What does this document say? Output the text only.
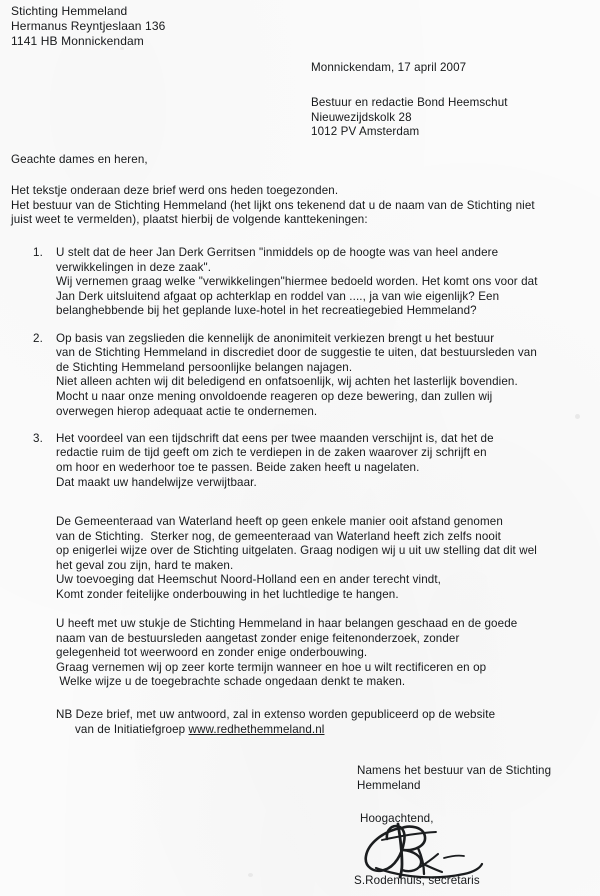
Stichting Hemmeland
Hermanus Reyntjeslaan 136
1141 HB Monnickendam
Monnickendam, 17 april 2007
Bestuur en redactie Bond Heemschut
Nieuwezijdskolk 28
1012 PV Amsterdam
Geachte dames en heren,
Het tekstje onderaan deze brief werd ons heden toegezonden.
Het bestuur van de Stichting Hemmeland (het lijkt ons tekenend dat u de naam van de Stichting niet
juist weet te vermelden), plaatst hierbij de volgende kanttekeningen:
1.	U stelt dat de heer Jan Derk Gerritsen "inmiddels op de hoogte was van heel andere
verwikkelingen in deze zaak".
Wij vernemen graag welke "verwikkelingen"hiermee bedoeld worden. Het komt ons voor dat
Jan Derk uitsluitend afgaat op achterklap en roddel van ...., ja van wie eigenlijk? Een
belanghebbende bij het geplande luxe-hotel in het recreatiegebied Hemmeland?
2.	Op basis van zegslieden die kennelijk de anonimiteit verkiezen brengt u het bestuur
van de Stichting Hemmeland in discrediet door de suggestie te uiten, dat bestuursleden van
de Stichting Hemmeland persoonlijke belangen najagen.
Niet alleen achten wij dit beledigend en onfatsoenlijk, wij achten het lasterlijk bovendien.
Mocht u naar onze mening onvoldoende reageren op deze bewering, dan zullen wij
overwegen hierop adequaat actie te ondernemen.
3.	Het voordeel van een tijdschrift dat eens per twee maanden verschijnt is, dat het de
redactie ruim de tijd geeft om zich te verdiepen in de zaken waarover zij schrijft en
om hoor en wederhoor toe te passen. Beide zaken heeft u nagelaten.
Dat maakt uw handelwijze verwijtbaar.
De Gemeenteraad van Waterland heeft op geen enkele manier ooit afstand genomen
van de Stichting.  Sterker nog, de gemeenteraad van Waterland heeft zich zelfs nooit
op enigerlei wijze over de Stichting uitgelaten. Graag nodigen wij u uit uw stelling dat dit wel
het geval zou zijn, hard te maken.
Uw toevoeging dat Heemschut Noord-Holland een en ander terecht vindt,
Komt zonder feitelijke onderbouwing in het luchtledige te hangen.
U heeft met uw stukje de Stichting Hemmeland in haar belangen geschaad en de goede
naam van de bestuursleden aangetast zonder enige feitenonderzoek, zonder
gelegenheid tot weerwoord en zonder enige onderbouwing.
Graag vernemen wij op zeer korte termijn wanneer en hoe u wilt rectificeren en op
Welke wijze u de toegebrachte schade ongedaan denkt te maken.
NB Deze brief, met uw antwoord, zal in extenso worden gepubliceerd op de website
van de Initiatiefgroep www.redhethemmeland.nl
Namens het bestuur van de Stichting
Hemmeland
Hoogachtend,
S.Rodenhuis, secretaris
